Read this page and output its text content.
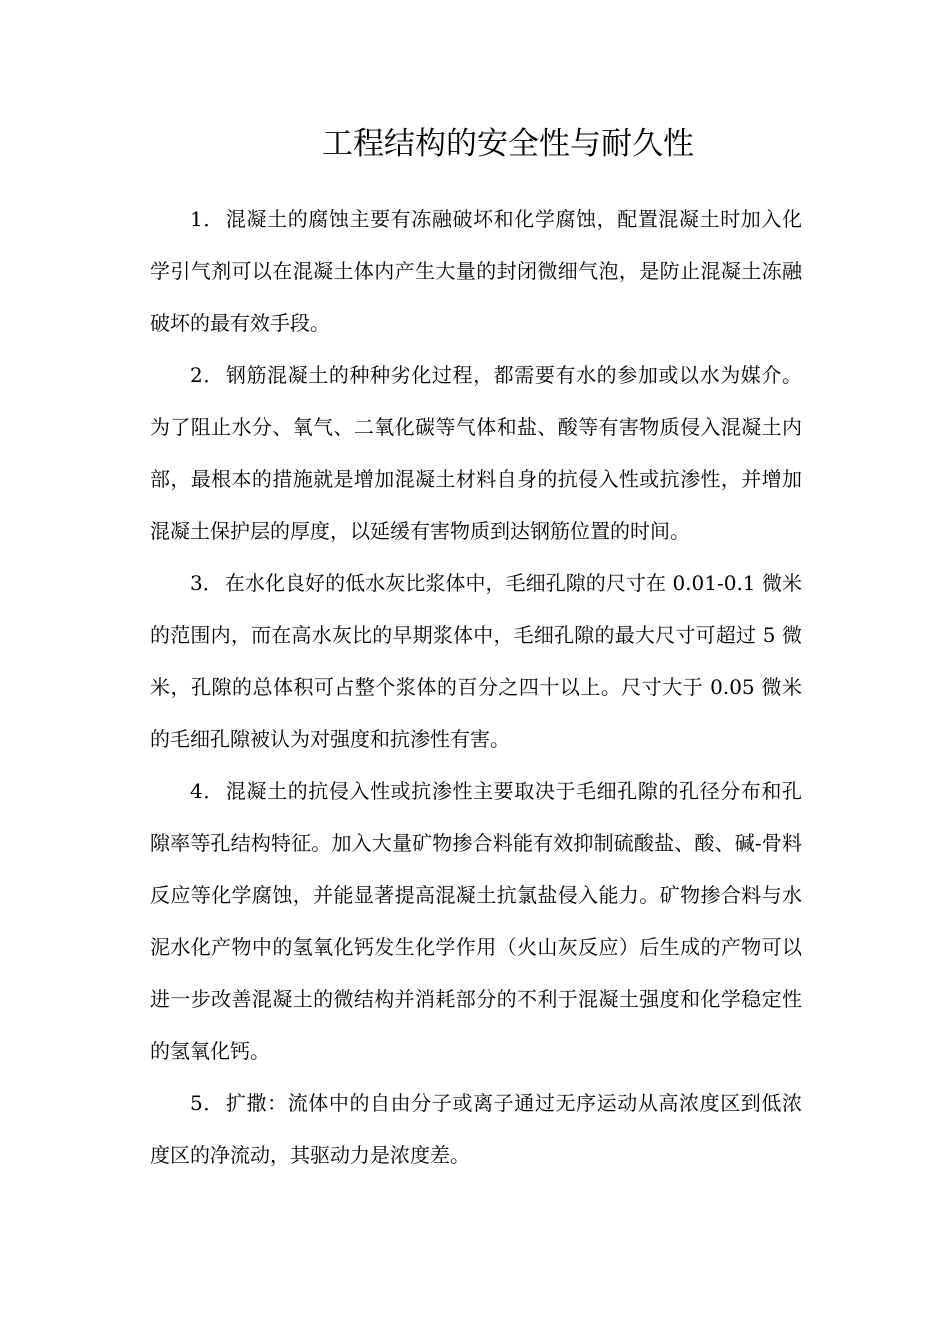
工程结构的安全性与耐久性

1． 混凝土的腐蚀主要有冻融破坏和化学腐蚀，配置混凝土时加入化学引气剂可以在混凝土体内产生大量的封闭微细气泡，是防止混凝土冻融破坏的最有效手段。

2． 钢筋混凝土的种种劣化过程，都需要有水的参加或以水为媒介。为了阻止水分、氧气、二氧化碳等气体和盐、酸等有害物质侵入混凝土内部，最根本的措施就是增加混凝土材料自身的抗侵入性或抗渗性，并增加混凝土保护层的厚度，以延缓有害物质到达钢筋位置的时间。

3． 在水化良好的低水灰比浆体中，毛细孔隙的尺寸在 0.01-0.1 微米的范围内，而在高水灰比的早期浆体中，毛细孔隙的最大尺寸可超过 5 微米，孔隙的总体积可占整个浆体的百分之四十以上。尺寸大于 0.05 微米的毛细孔隙被认为对强度和抗渗性有害。

4． 混凝土的抗侵入性或抗渗性主要取决于毛细孔隙的孔径分布和孔隙率等孔结构特征。加入大量矿物掺合料能有效抑制硫酸盐、酸、碱-骨料反应等化学腐蚀，并能显著提高混凝土抗氯盐侵入能力。矿物掺合料与水泥水化产物中的氢氧化钙发生化学作用（火山灰反应）后生成的产物可以进一步改善混凝土的微结构并消耗部分的不利于混凝土强度和化学稳定性的氢氧化钙。

5． 扩撒：流体中的自由分子或离子通过无序运动从高浓度区到低浓度区的净流动，其驱动力是浓度差。
